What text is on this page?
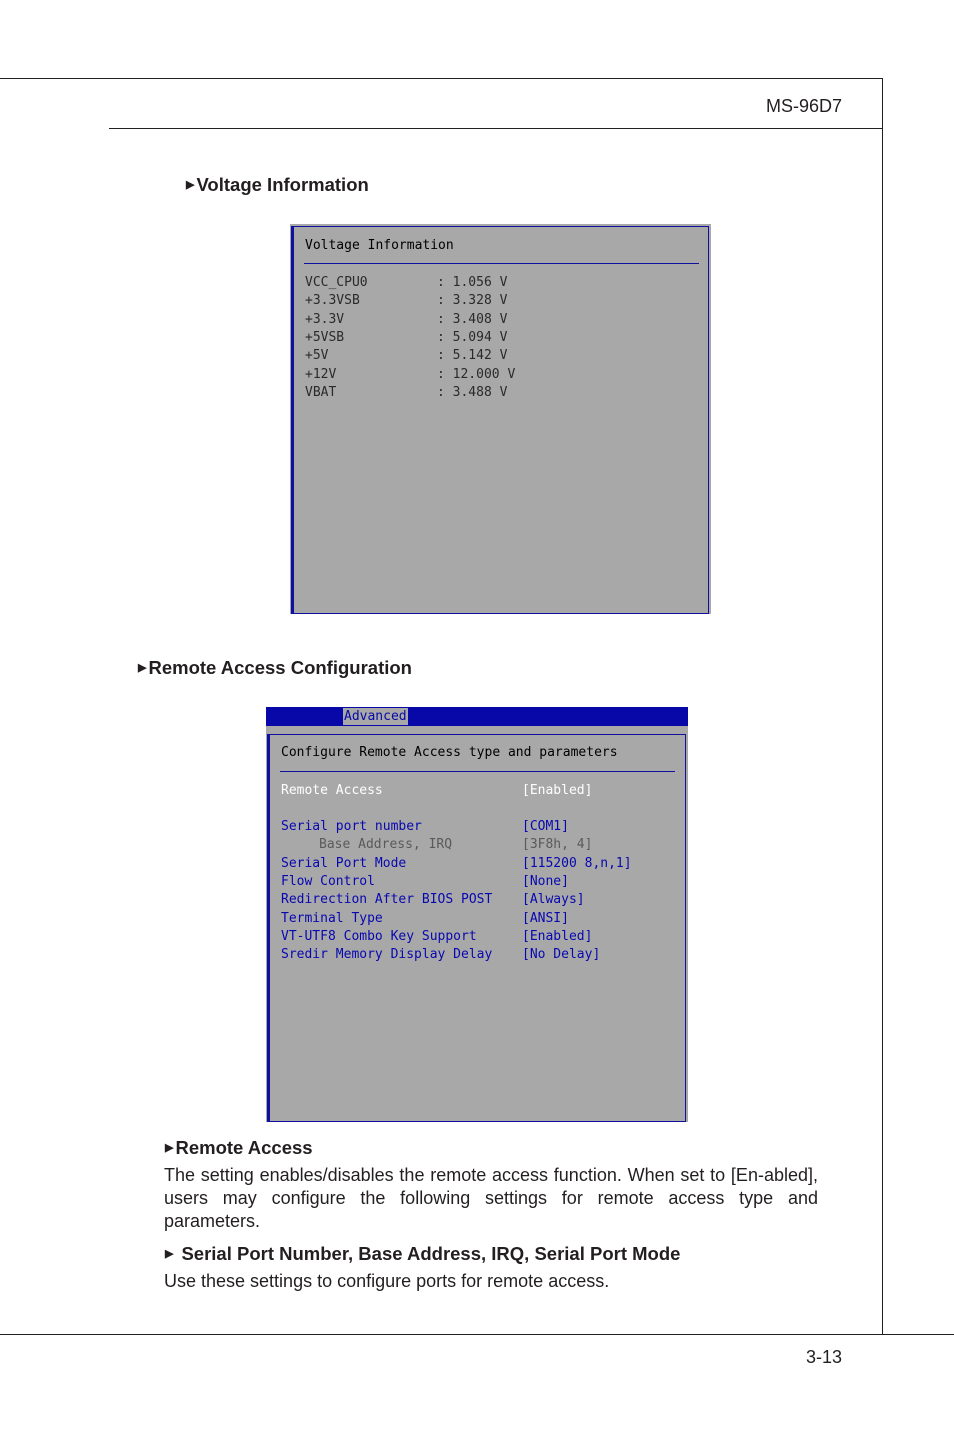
MS-96D7
3-13
▶ Voltage Information
Voltage Information
VCC_CPU0	: 1.056 V
+3.3VSB	: 3.328 V
+3.3V	: 3.408 V
+5VSB	: 5.094 V
+5V	: 5.142 V
+12V	: 12.000 V
VBAT	: 3.488 V
▶ Remote Access Configuration
Advanced
Configure Remote Access type and parameters
Remote Access	[Enabled]
Serial port number	[COM1]
Base Address, IRQ	[3F8h, 4]
Serial Port Mode	[115200 8,n,1]
Flow Control	[None]
Redirection After BIOS POST [Always]
Terminal Type	[ANSI]
VT-UTF8 Combo Key Support	[Enabled]
Sredir Memory Display Delay [No Delay]
▶ Remote Access
The setting enables/disables the remote access function. When set to [En-abled], users may configure the following settings for remote access type and parameters.
▶ Serial Port Number, Base Address, IRQ, Serial Port Mode
Use these settings to configure ports for remote access.
